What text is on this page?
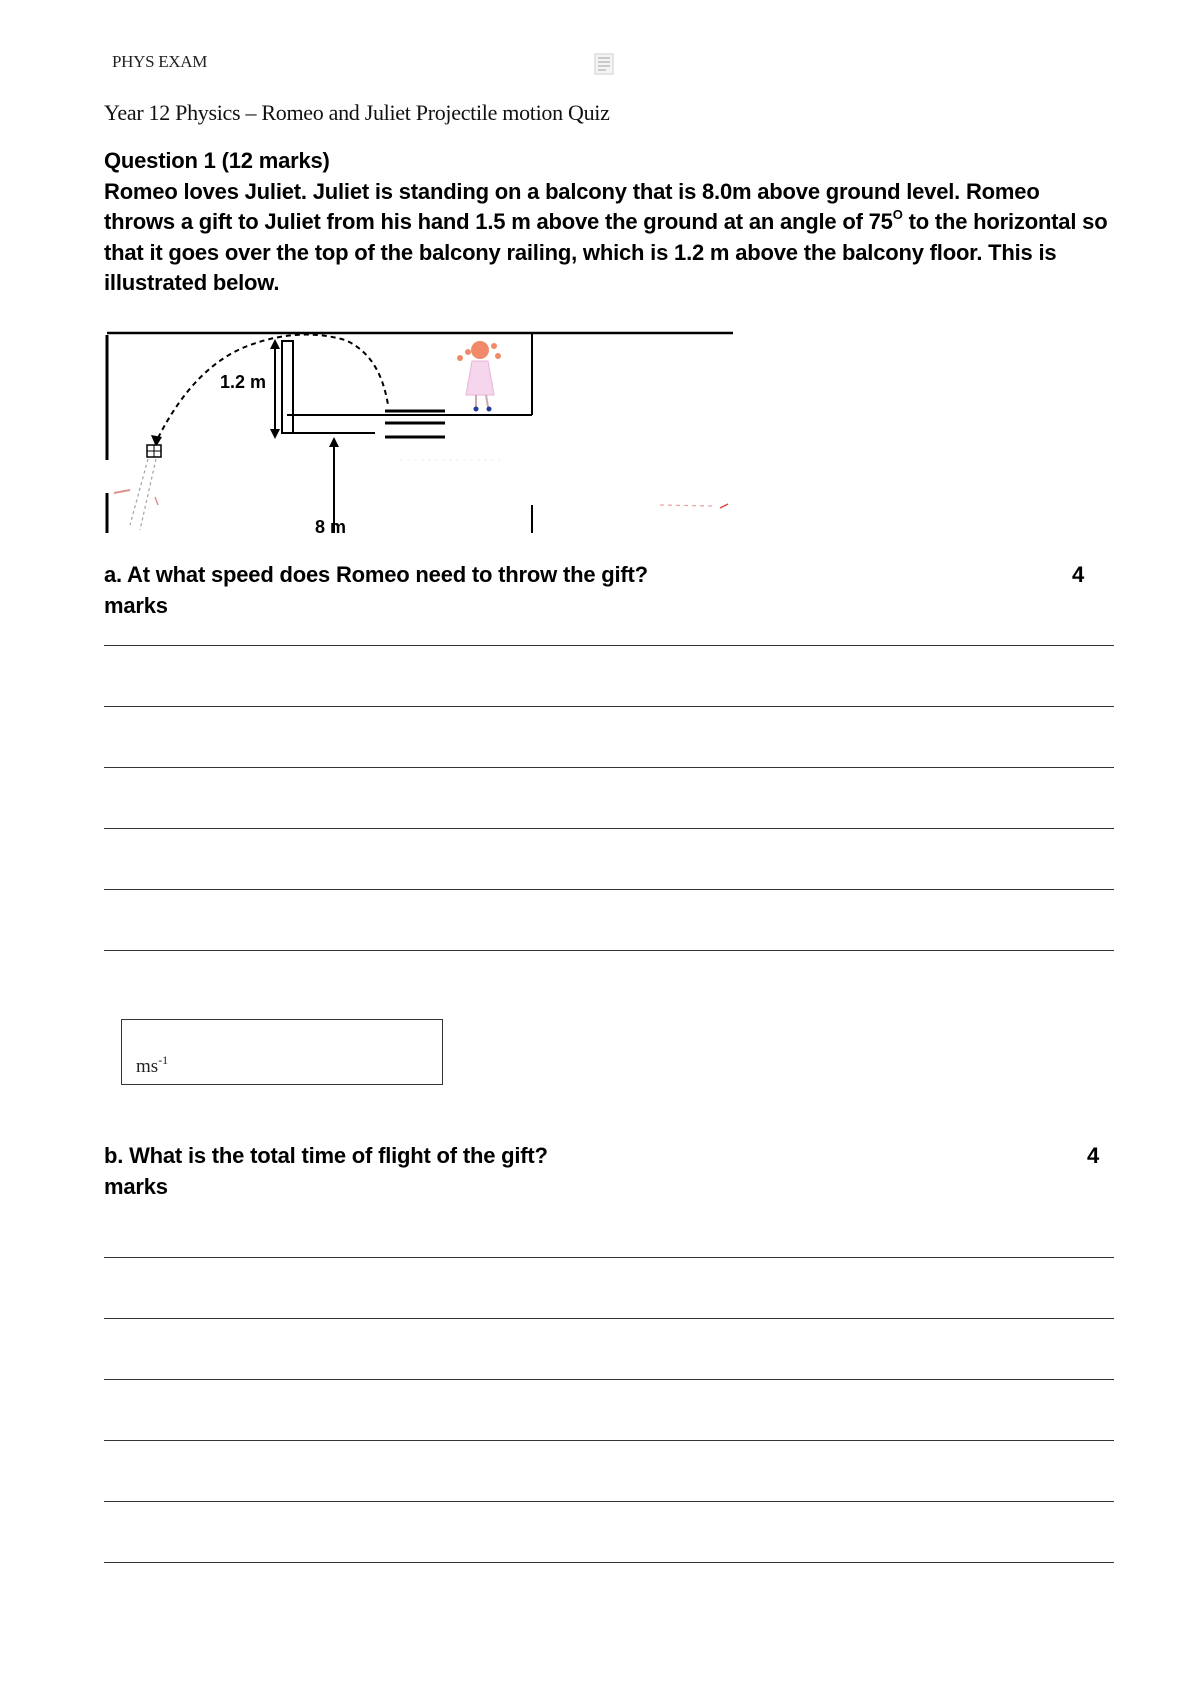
PHYS EXAM
Year 12 Physics – Romeo and Juliet Projectile motion Quiz

Question 1 (12 marks)

Romeo loves Juliet. Juliet is standing on a balcony that is 8.0m above ground level. Romeo throws a gift to Juliet from his hand 1.5 m above the ground at an angle of $75^O$ to the horizontal so that it goes over the top of the balcony railing, which is 1.2 m above the balcony floor. This is illustrated below.

1.2 m
8 m
a. At what speed does Romeo need to throw the gift?
marks
4
$ms^{-1}$
b. What is the total time of flight of the gift?
marks
4
